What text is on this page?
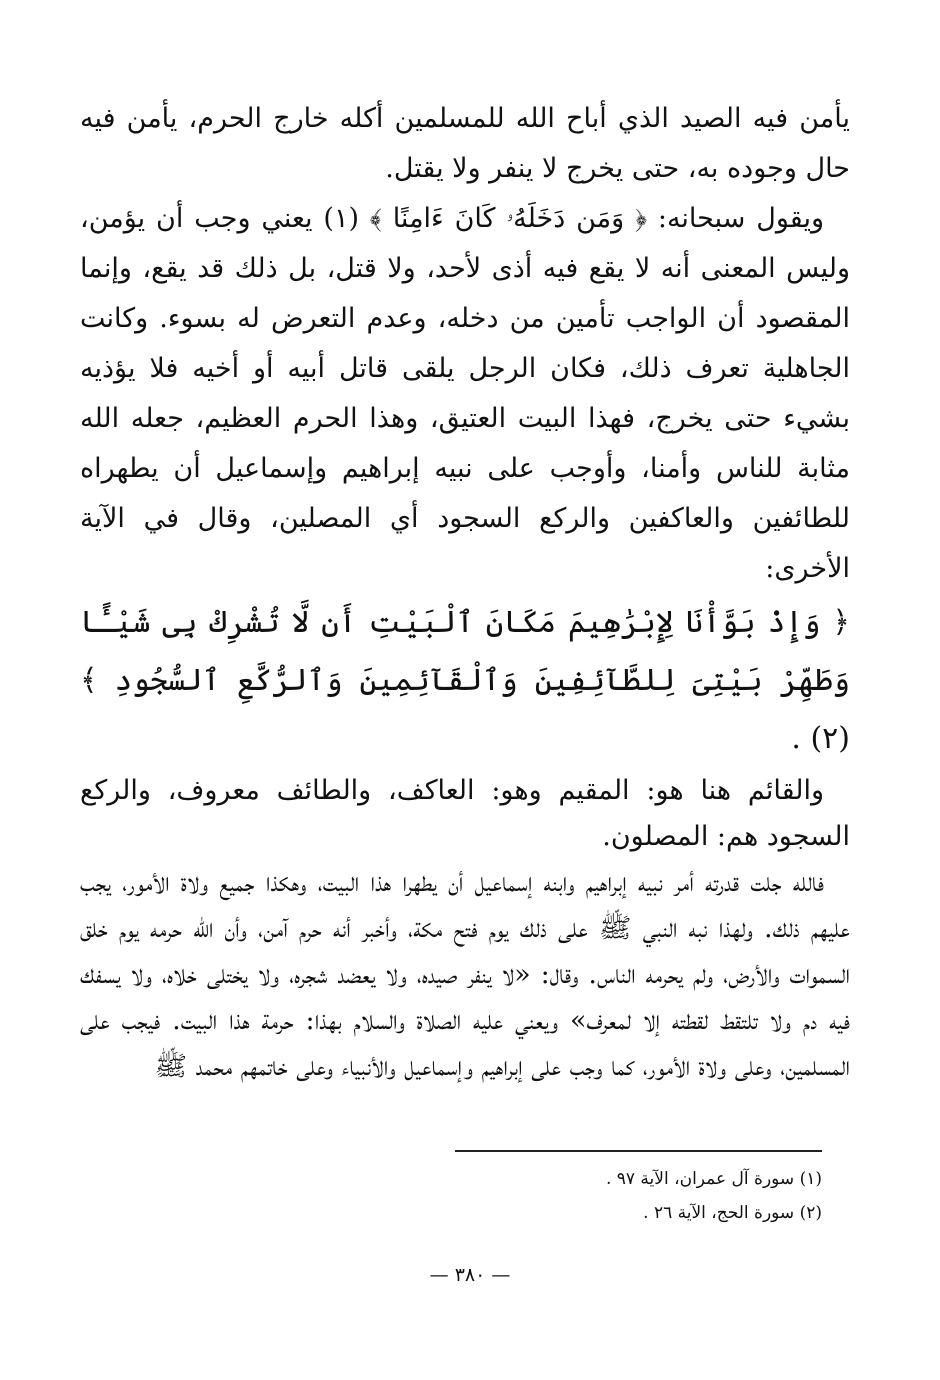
يأمن فيه الصيد الذي أباح الله للمسلمين أكله خارج الحرم، يأمن فيه حال وجوده به، حتى يخرج لا ينفر ولا يقتل.

ويقول سبحانه: ﴿ وَمَن دَخَلَهُۥ كَانَ ءَامِنًا ﴾ (١) يعني وجب أن يؤمن، وليس المعنى أنه لا يقع فيه أذى لأحد، ولا قتل، بل ذلك قد يقع، وإنما المقصود أن الواجب تأمين من دخله، وعدم التعرض له بسوء. وكانت الجاهلية تعرف ذلك، فكان الرجل يلقى قاتل أبيه أو أخيه فلا يؤذيه بشيء حتى يخرج، فهذا البيت العتيق، وهذا الحرم العظيم، جعله الله مثابة للناس وأمنا، وأوجب على نبيه إبراهيم وإسماعيل أن يطهراه للطائفين والعاكفين والركع السجود أي المصلين، وقال في الآية الأخرى:

﴿ وَإِذْ بَوَّأْنَا لِإِبْرَٰهِيمَ مَكَانَ ٱلْبَيْتِ أَن لَّا تُشْرِكْ بِى شَيْـًٔا وَطَهِّرْ بَيْتِىَ لِلطَّآئِفِينَ وَٱلْقَآئِمِينَ وَٱلرُّكَّعِ ٱلسُّجُودِ ﴾ (٢) .

والقائم هنا هو: المقيم وهو: العاكف، والطائف معروف، والركع السجود هم: المصلون.

فالله جلت قدرته أمر نبيه إبراهيم وابنه إسماعيل أن يطهرا هذا البيت، وهكذا جميع ولاة الأمور، يجب عليهم ذلك. ولهذا نبه النبي ﷺ على ذلك يوم فتح مكة، وأخبر أنه حرم آمن، وأن الله حرمه يوم خلق السموات والأرض، ولم يحرمه الناس. وقال: «لا ينفر صيده، ولا يعضد شجره، ولا يختلى خلاه، ولا يسفك فيه دم ولا تلتقط لقطته إلا لمعرف» ويعني عليه الصلاة والسلام بهذا: حرمة هذا البيت. فيجب على المسلمين، وعلى ولاة الأمور، كما وجب على إبراهيم وإسماعيل والأنبياء وعلى خاتمهم محمد ﷺ

(١) سورة آل عمران، الآية ٩٧ .
(٢) سورة الحج، الآية ٢٦ .
— ٣٨٠ —
